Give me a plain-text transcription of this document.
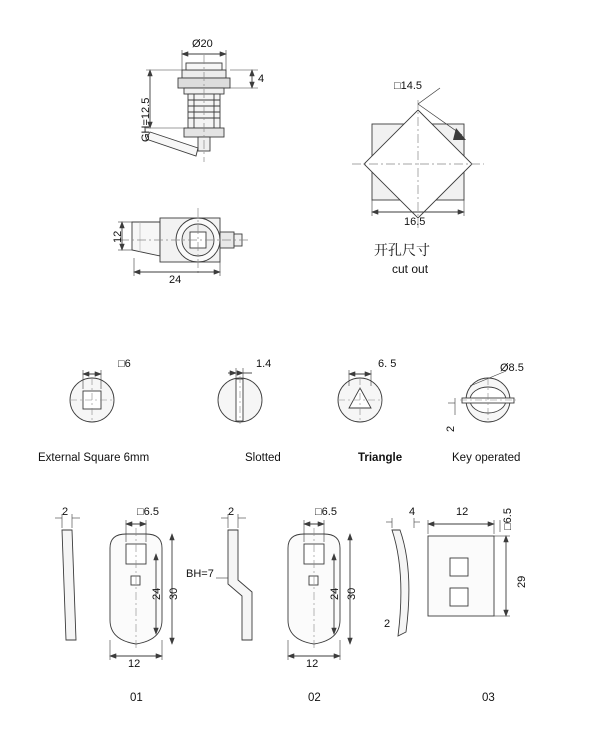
Ø20
GH=12.5
4
12
24
□14.5
16.5
开孔尺寸
cut out
□6
External Square 6mm
1.4
Slotted
6. 5
Triangle
Ø8.5
2
Key operated
2	□6.5
24 30
12
01
2	□6.5
BH=7
24 30
12
02
4	12	□6.5
29
2
03
